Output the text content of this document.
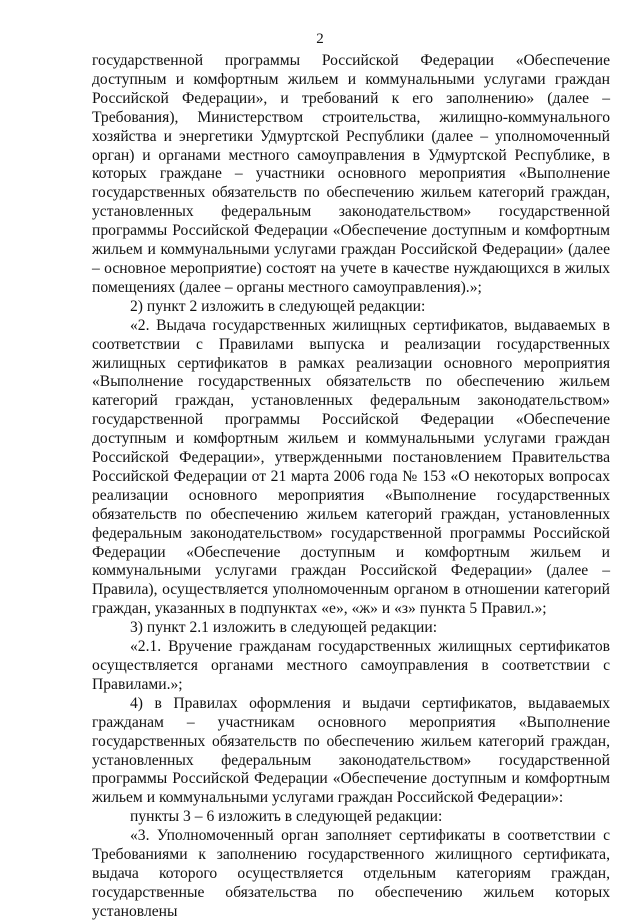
2

государственной программы Российской Федерации «Обеспечение доступным и комфортным жильем и коммунальными услугами граждан Российской Федерации», и требований к его заполнению» (далее – Требования), Министерством строительства, жилищно-коммунального хозяйства и энергетики Удмуртской Республики (далее – уполномоченный орган) и органами местного самоуправления в Удмуртской Республике, в которых граждане – участники основного мероприятия «Выполнение государственных обязательств по обеспечению жильем категорий граждан, установленных федеральным законодательством» государственной программы Российской Федерации «Обеспечение доступным и комфортным жильем и коммунальными услугами граждан Российской Федерации» (далее – основное мероприятие) состоят на учете в качестве нуждающихся в жилых помещениях (далее – органы местного самоуправления).»;

2) пункт 2 изложить в следующей редакции:

«2. Выдача государственных жилищных сертификатов, выдаваемых в соответствии с Правилами выпуска и реализации государственных жилищных сертификатов в рамках реализации основного мероприятия «Выполнение государственных обязательств по обеспечению жильем категорий граждан, установленных федеральным законодательством» государственной программы Российской Федерации «Обеспечение доступным и комфортным жильем и коммунальными услугами граждан Российской Федерации», утвержденными постановлением Правительства Российской Федерации от 21 марта 2006 года № 153 «О некоторых вопросах реализации основного мероприятия «Выполнение государственных обязательств по обеспечению жильем категорий граждан, установленных федеральным законодательством» государственной программы Российской Федерации «Обеспечение доступным и комфортным жильем и коммунальными услугами граждан Российской Федерации» (далее – Правила), осуществляется уполномоченным органом в отношении категорий граждан, указанных в подпунктах «е», «ж» и «з» пункта 5 Правил.»;

3) пункт 2.1 изложить в следующей редакции:

«2.1. Вручение гражданам государственных жилищных сертификатов осуществляется органами местного самоуправления в соответствии с Правилами.»;

4) в Правилах оформления и выдачи сертификатов, выдаваемых гражданам – участникам основного мероприятия «Выполнение государственных обязательств по обеспечению жильем категорий граждан, установленных федеральным законодательством» государственной программы Российской Федерации «Обеспечение доступным и комфортным жильем и коммунальными услугами граждан Российской Федерации»:

пункты 3 – 6 изложить в следующей редакции:

«3. Уполномоченный орган заполняет сертификаты в соответствии с Требованиями к заполнению государственного жилищного сертификата, выдача которого осуществляется отдельным категориям граждан, государственные обязательства по обеспечению жильем которых установлены
